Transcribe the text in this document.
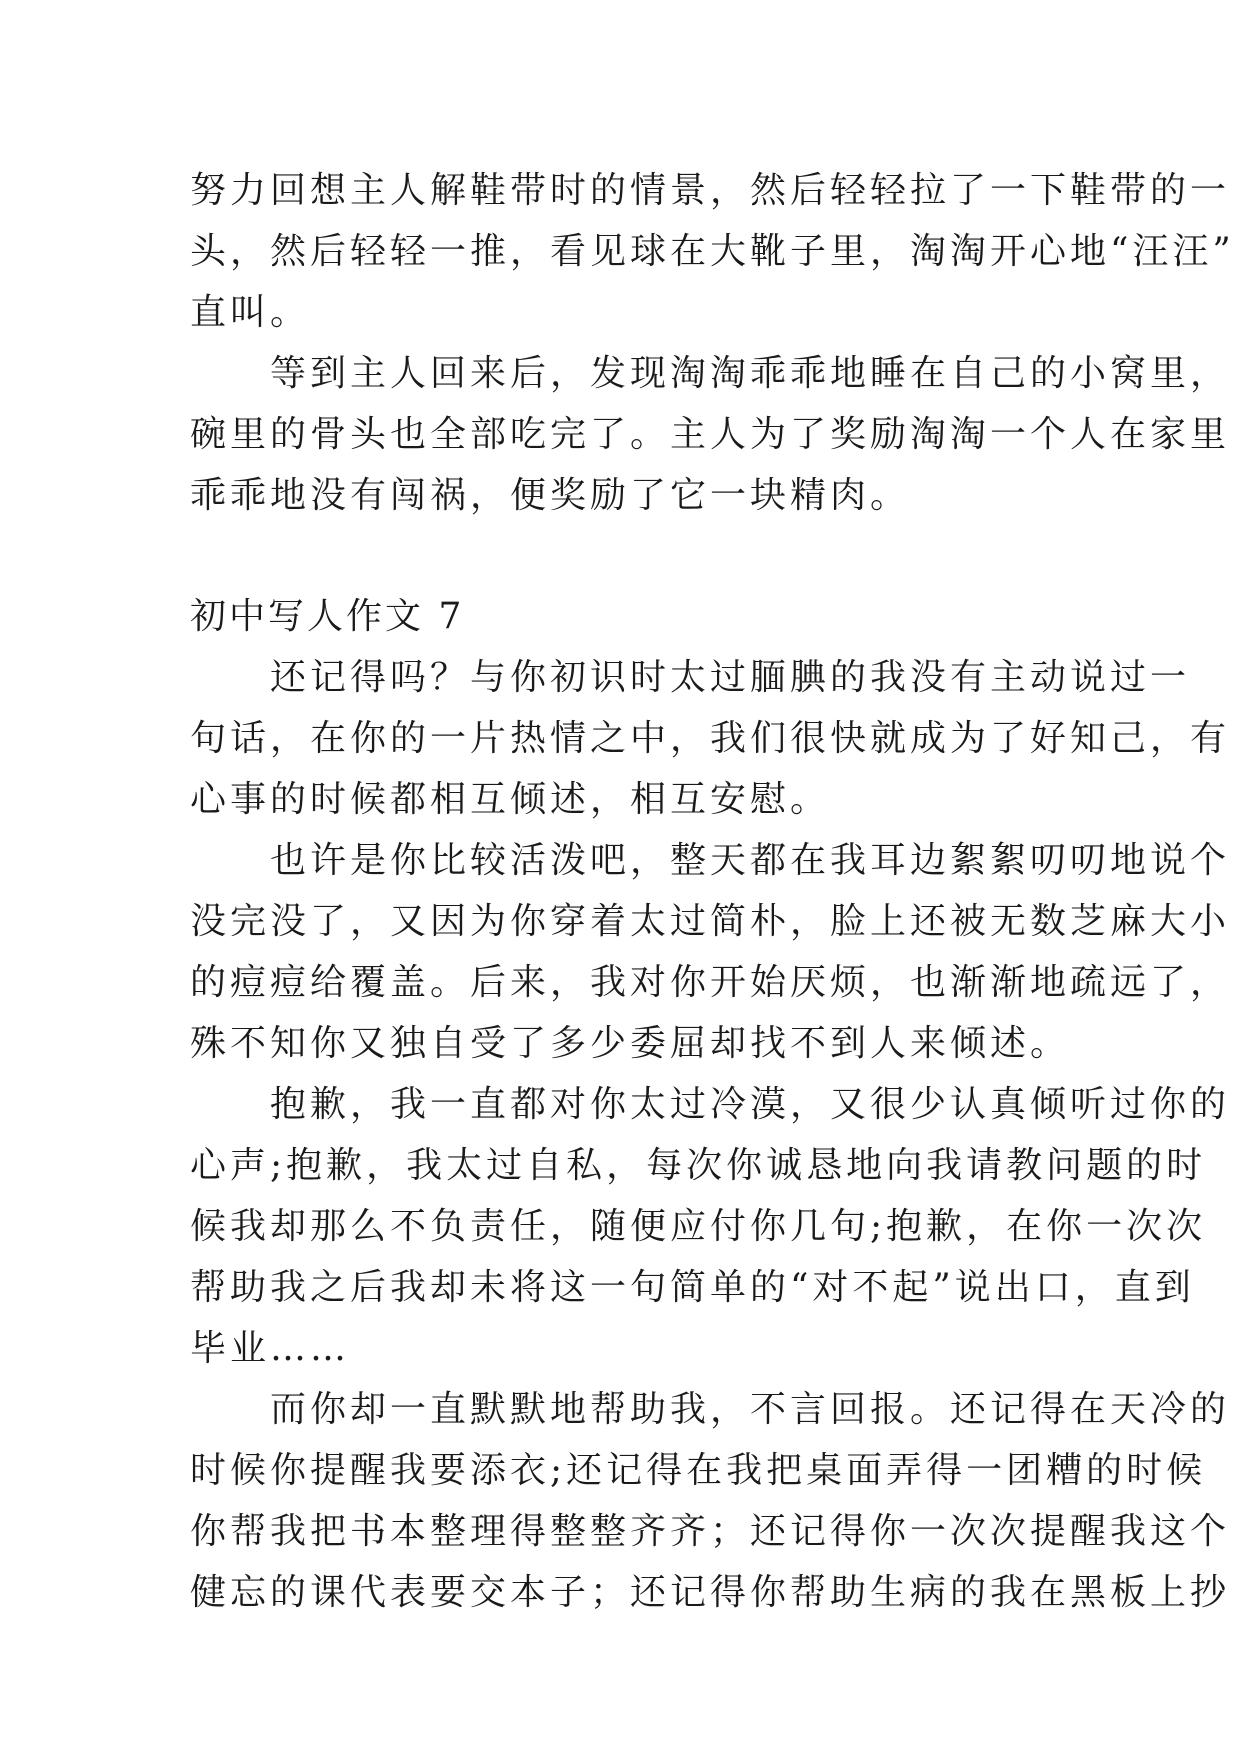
努力回想主人解鞋带时的情景，然后轻轻拉了一下鞋带的一
头，然后轻轻一推，看见球在大靴子里，淘淘开心地“汪汪”
直叫。
等到主人回来后，发现淘淘乖乖地睡在自己的小窝里，
碗里的骨头也全部吃完了。主人为了奖励淘淘一个人在家里
乖乖地没有闯祸，便奖励了它一块精肉。
初中写人作文 7
还记得吗？与你初识时太过腼腆的我没有主动说过一
句话，在你的一片热情之中，我们很快就成为了好知己，有
心事的时候都相互倾述，相互安慰。
也许是你比较活泼吧，整天都在我耳边絮絮叨叨地说个
没完没了，又因为你穿着太过简朴，脸上还被无数芝麻大小
的痘痘给覆盖。后来，我对你开始厌烦，也渐渐地疏远了，
殊不知你又独自受了多少委屈却找不到人来倾述。
抱歉，我一直都对你太过冷漠，又很少认真倾听过你的
心声;抱歉，我太过自私，每次你诚恳地向我请教问题的时
候我却那么不负责任，随便应付你几句;抱歉，在你一次次
帮助我之后我却未将这一句简单的“对不起”说出口，直到
毕业……
而你却一直默默地帮助我，不言回报。还记得在天冷的
时候你提醒我要添衣;还记得在我把桌面弄得一团糟的时候
你帮我把书本整理得整整齐齐；还记得你一次次提醒我这个
健忘的课代表要交本子；还记得你帮助生病的我在黑板上抄
